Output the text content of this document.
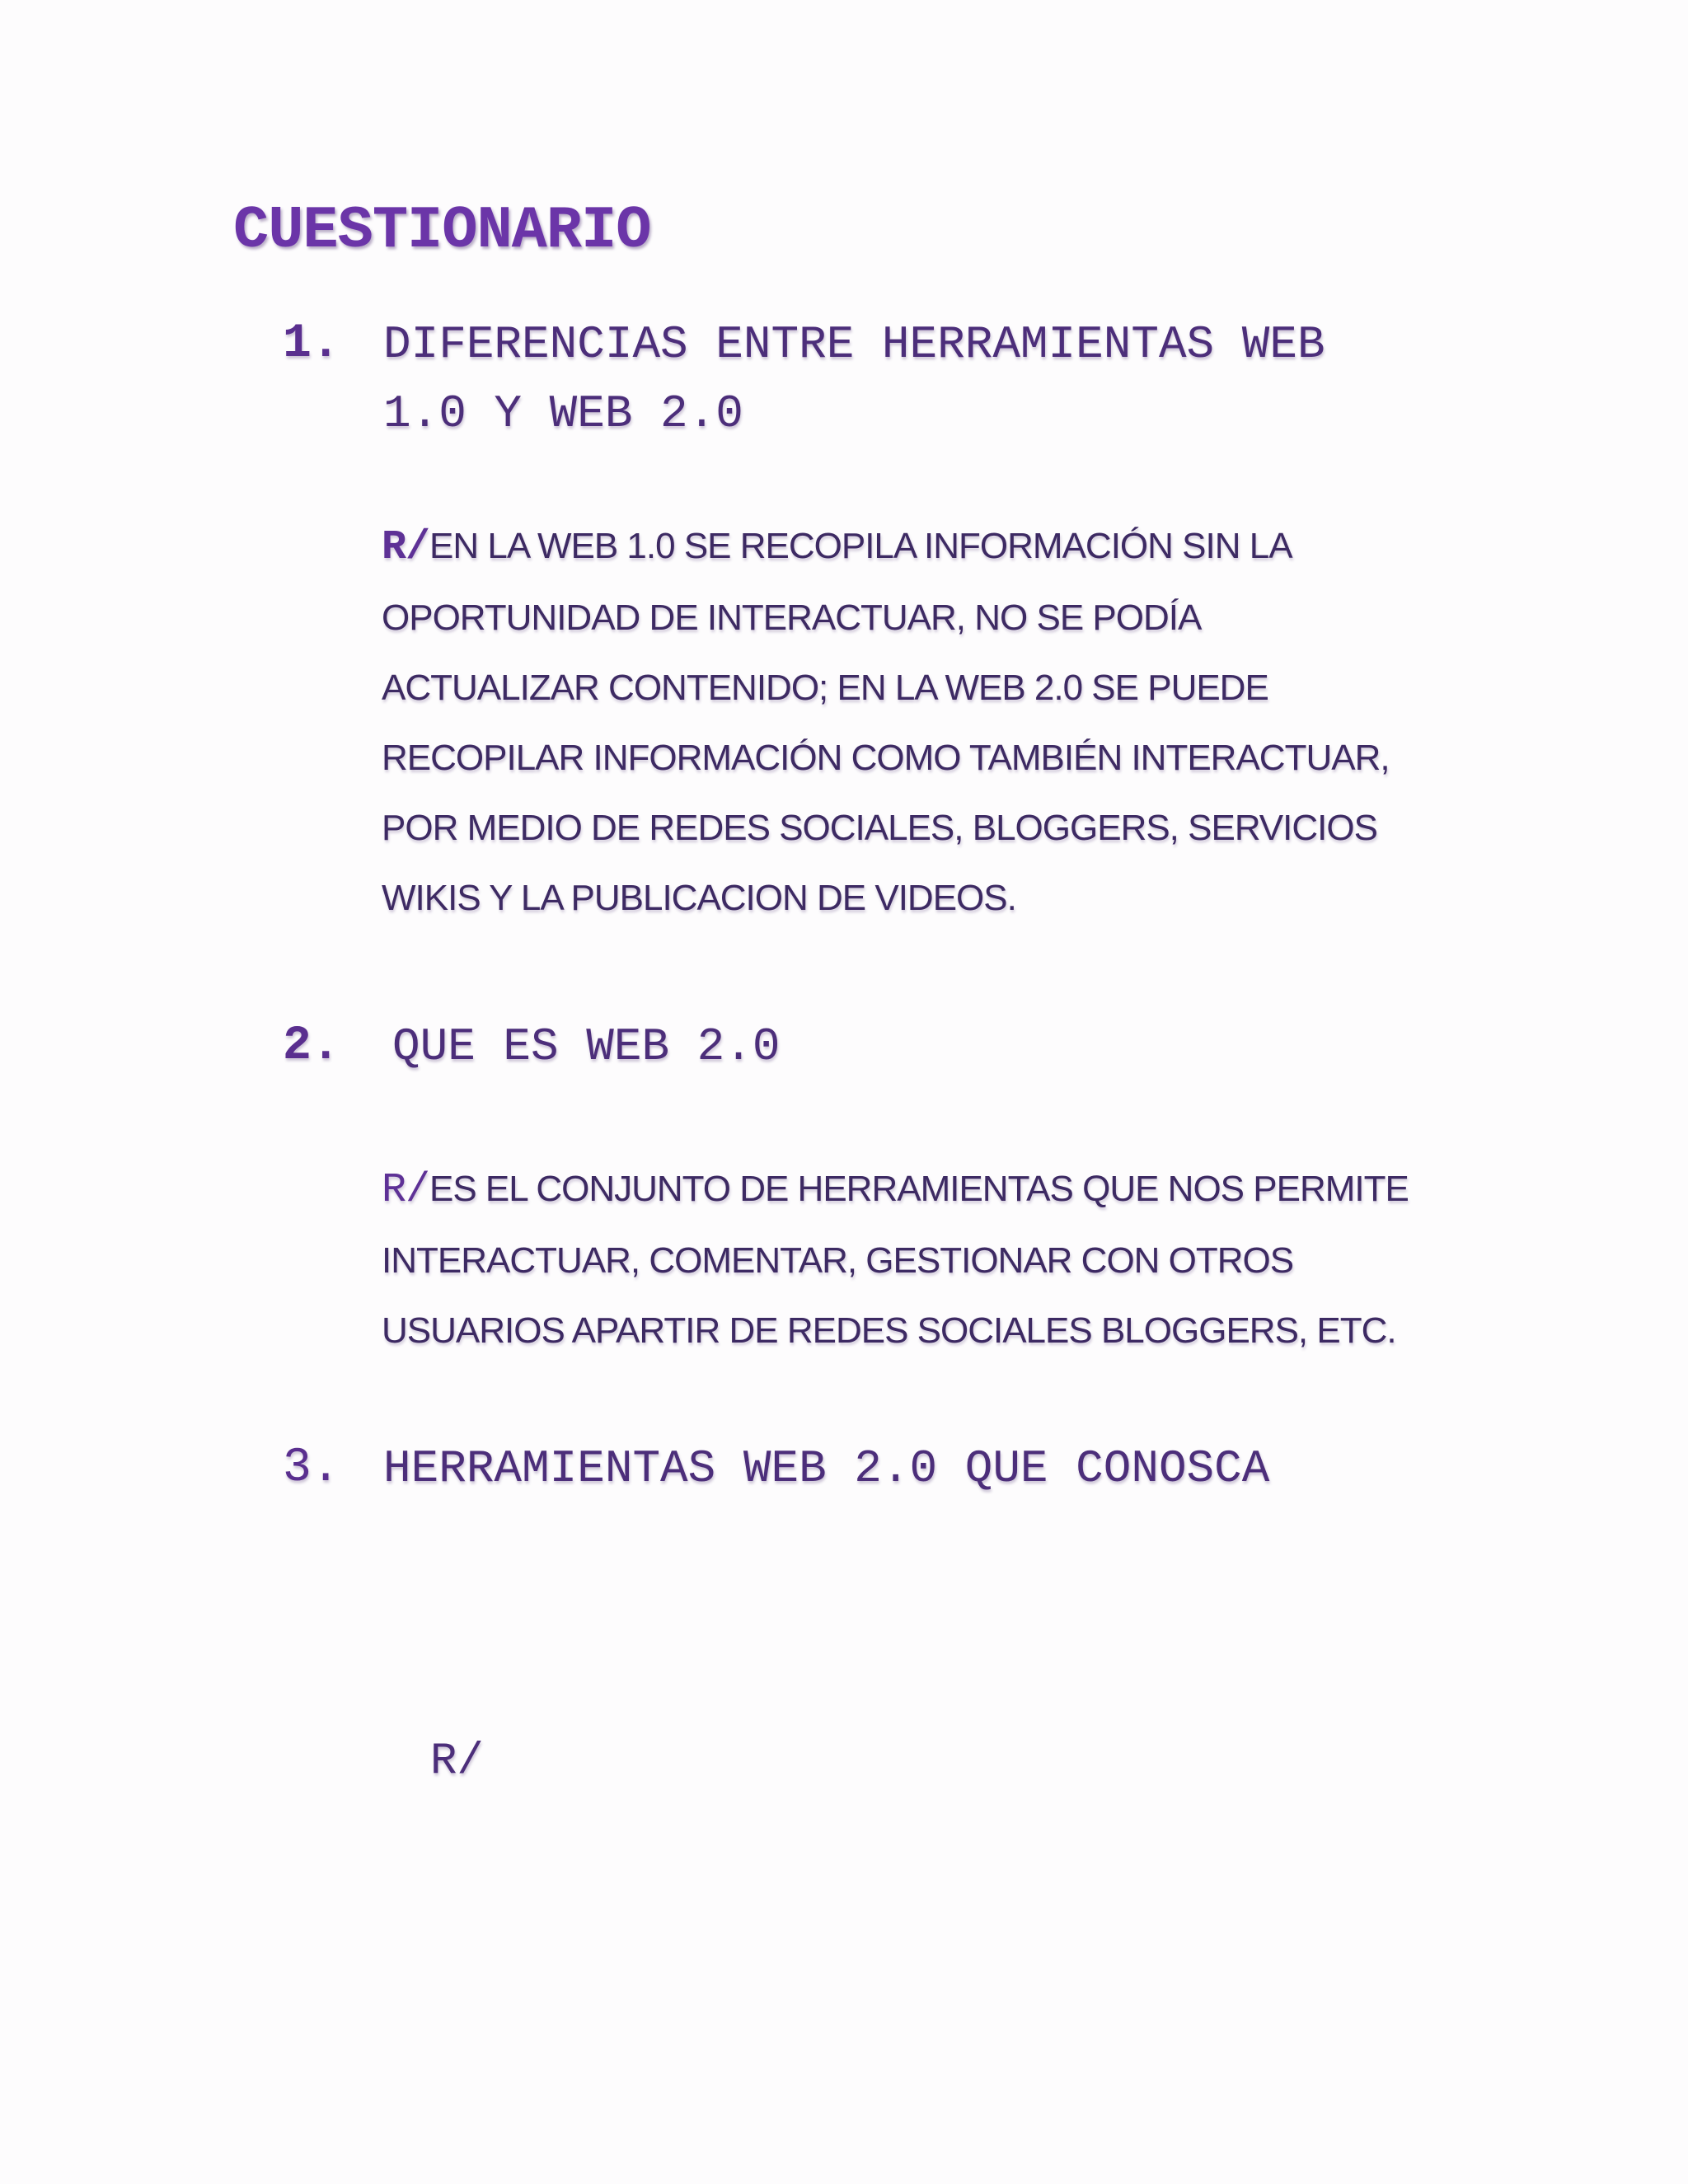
CUESTIONARIO
1. DIFERENCIAS ENTRE HERRAMIENTAS WEB
1.0 Y WEB 2.0
R/EN LA WEB 1.0 SE RECOPILA INFORMACIÓN SIN LA
OPORTUNIDAD DE INTERACTUAR, NO SE PODÍA
ACTUALIZAR CONTENIDO; EN LA WEB 2.0 SE PUEDE
RECOPILAR INFORMACIÓN COMO TAMBIÉN INTERACTUAR,
POR MEDIO DE REDES SOCIALES, BLOGGERS, SERVICIOS
WIKIS Y LA PUBLICACION DE VIDEOS.
2. QUE ES WEB 2.0
R/ES EL CONJUNTO DE HERRAMIENTAS QUE NOS PERMITE
INTERACTUAR, COMENTAR, GESTIONAR CON OTROS
USUARIOS APARTIR DE REDES SOCIALES BLOGGERS, ETC.
3. HERRAMIENTAS WEB 2.0 QUE CONOSCA

R/
